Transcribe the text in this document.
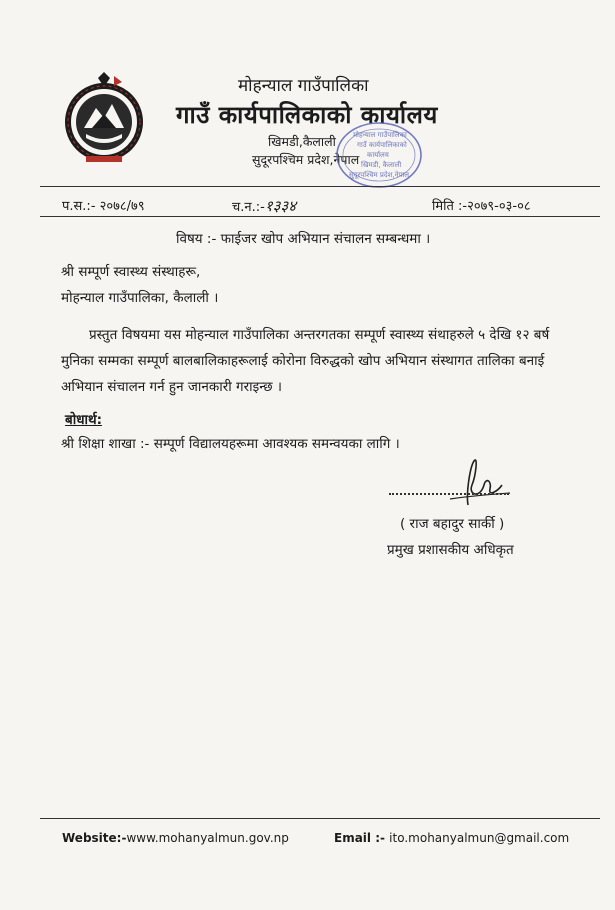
मोहन्याल गाउँपालिका
गाउँ कार्यपालिकाको कार्यालय
खिमडी,कैलाली
सुदूरपश्चिम प्रदेश,नेपाल
मोहन्याल गाउँपालिका
गाउँ कार्यपालिकाको
कार्यालय
खिमडी, कैलाली
सुदूरपश्चिम प्रदेश,नेपाल
प.स.:- २०७८/७९	च.न.:-१३३४	मिति :-२०७९-०३-०८
विषय :- फाईजर खोप अभियान संचालन सम्बन्धमा ।
श्री सम्पूर्ण स्वास्थ्य संस्थाहरू,
मोहन्याल गाउँपालिका, कैलाली ।

प्रस्तुत विषयमा यस मोहन्याल गाउँपालिका अन्तरगतका सम्पूर्ण स्वास्थ्य संथाहरुले ५ देखि १२ बर्ष मुनिका सम्मका सम्पूर्ण बालबालिकाहरूलाई कोरोना विरुद्धको खोप अभियान संस्थागत तालिका बनाई अभियान संचालन गर्न हुन जानकारी गराइन्छ ।

बोधार्थ:
श्री शिक्षा शाखा :- सम्पूर्ण विद्यालयहरूमा आवश्यक समन्वयका लागि ।
( राज बहादुर सार्की )
प्रमुख प्रशासकीय अधिकृत
Website:-www.mohanyalmun.gov.np	Email :- ito.mohanyalmun@gmail.com
